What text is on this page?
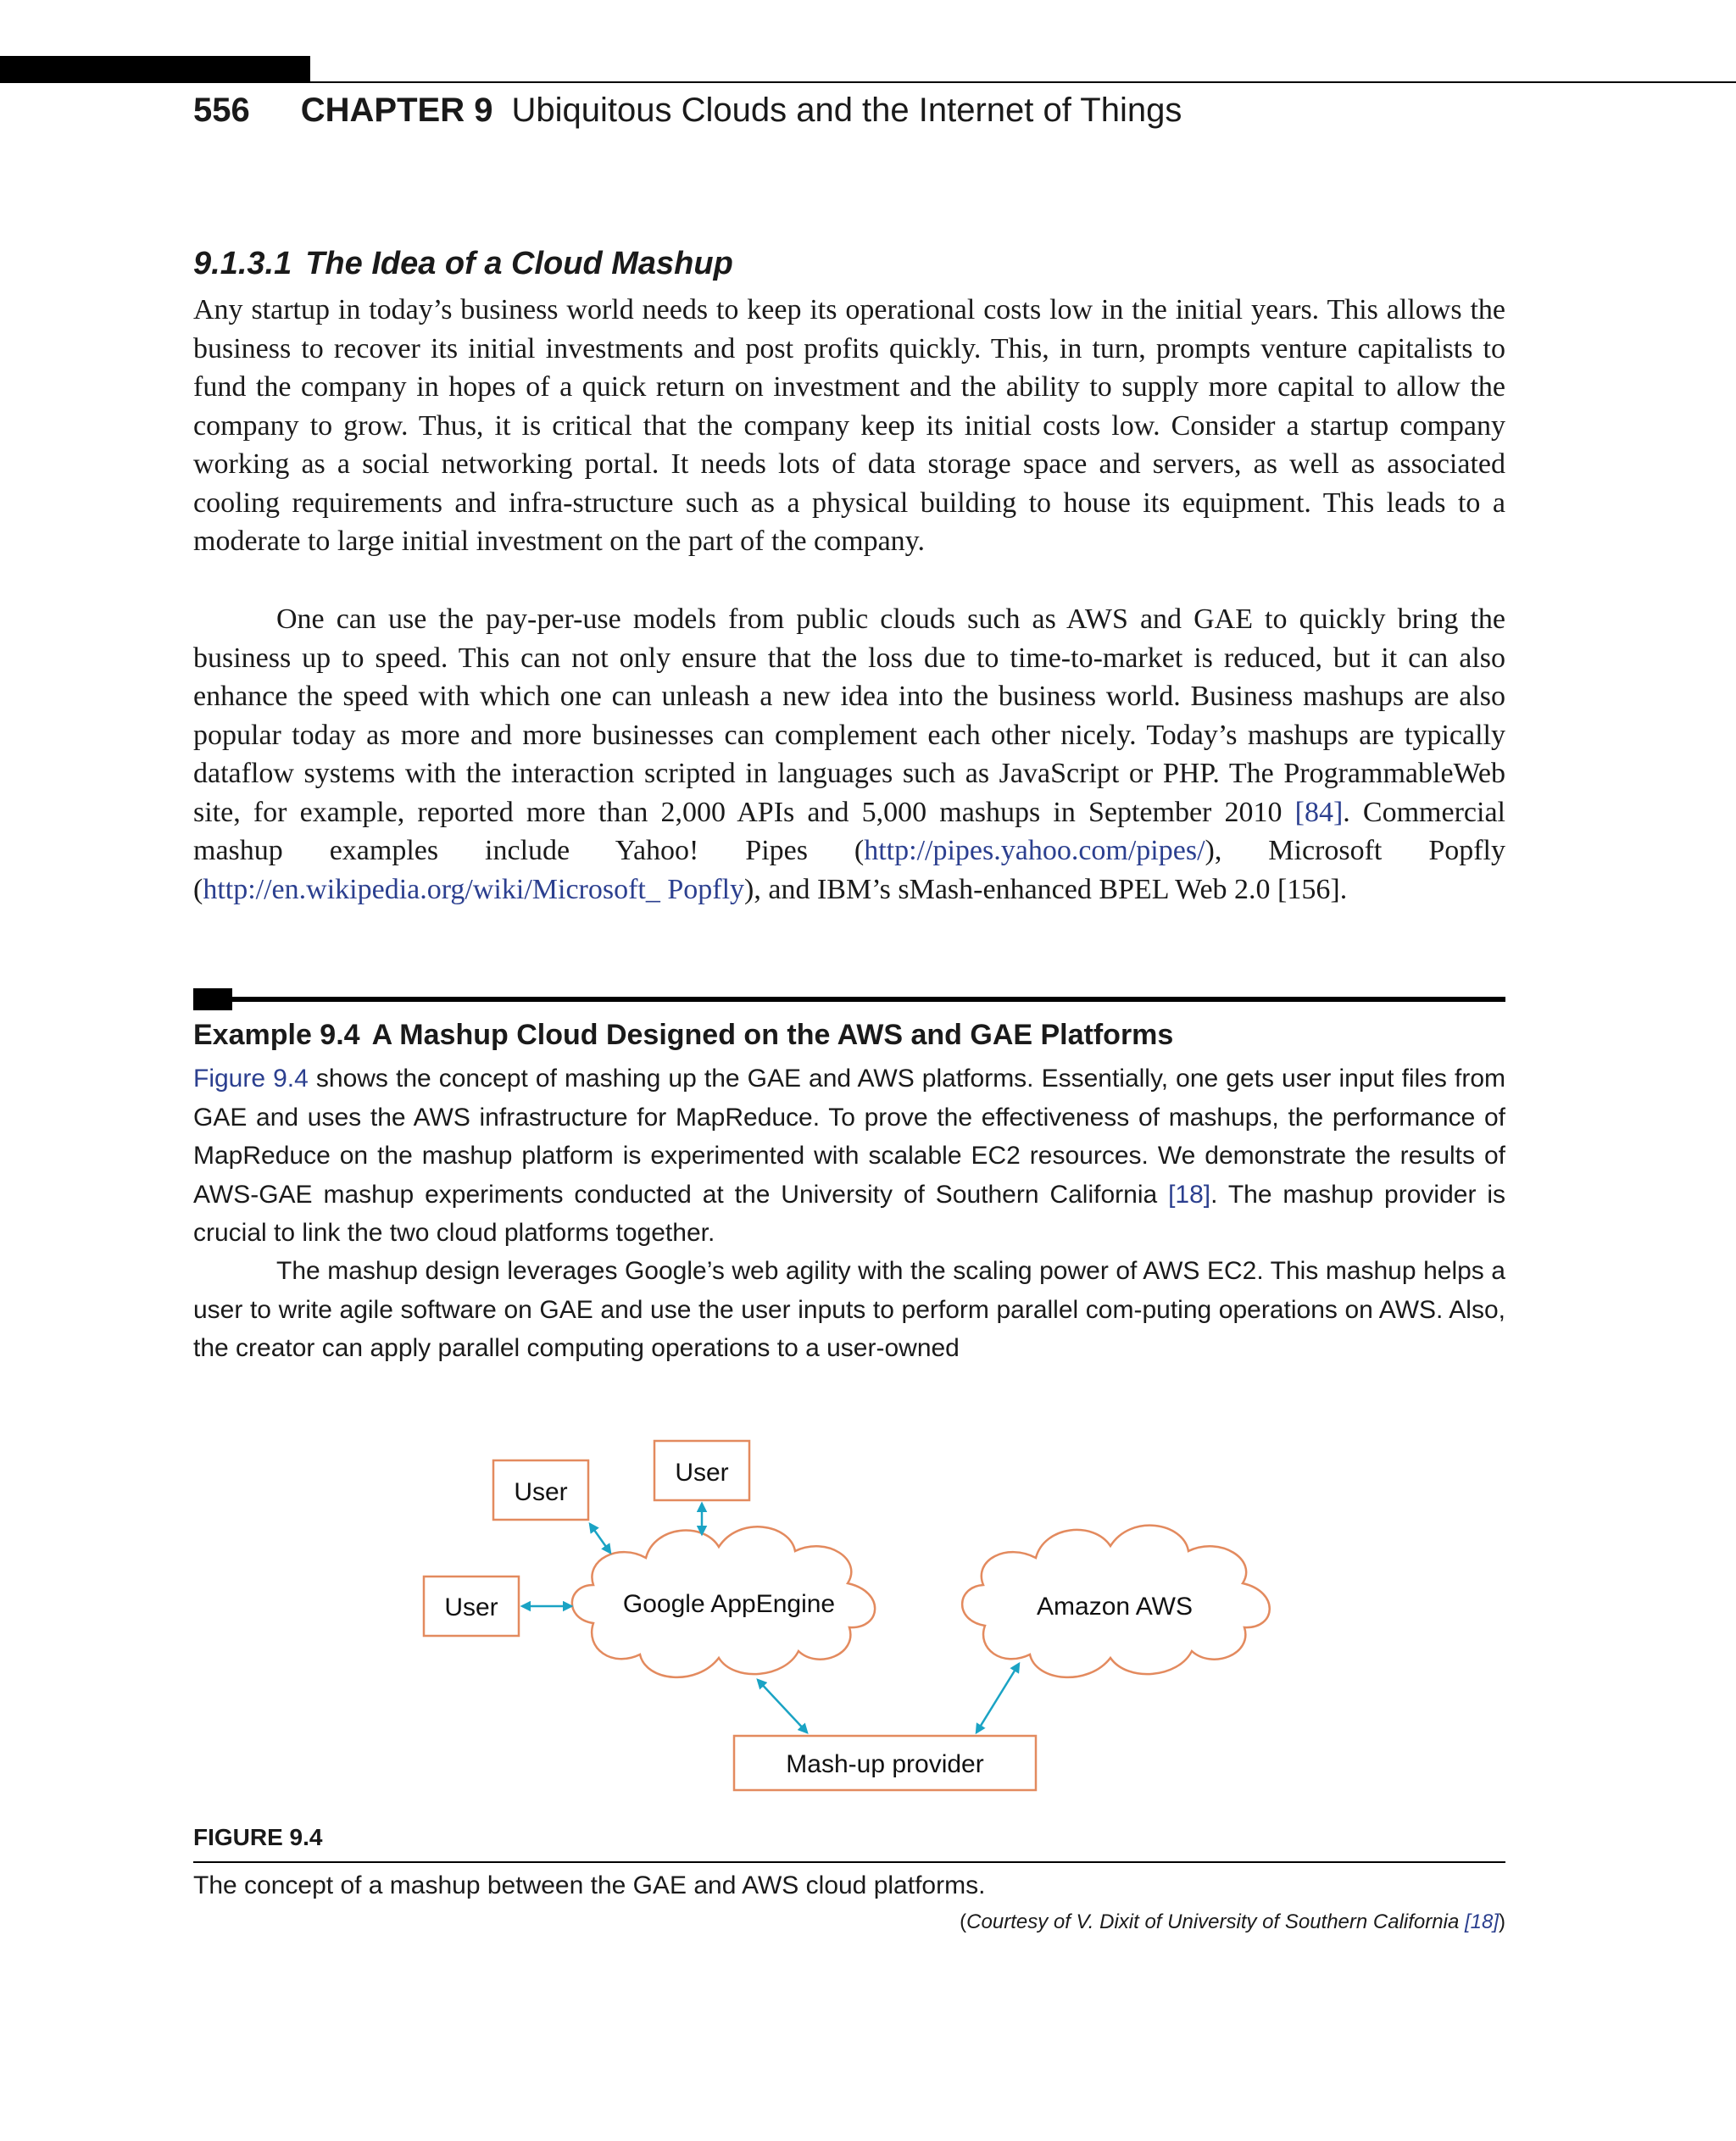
556 CHAPTER 9 Ubiquitous Clouds and the Internet of Things
9.1.3.1 The Idea of a Cloud Mashup

Any startup in today’s business world needs to keep its operational costs low in the initial years. This allows the business to recover its initial investments and post profits quickly. This, in turn, prompts venture capitalists to fund the company in hopes of a quick return on investment and the ability to supply more capital to allow the company to grow. Thus, it is critical that the company keep its initial costs low. Consider a startup company working as a social networking portal. It needs lots of data storage space and servers, as well as associated cooling requirements and infra-structure such as a physical building to house its equipment. This leads to a moderate to large initial investment on the part of the company.

One can use the pay-per-use models from public clouds such as AWS and GAE to quickly bring the business up to speed. This can not only ensure that the loss due to time-to-market is reduced, but it can also enhance the speed with which one can unleash a new idea into the business world. Business mashups are also popular today as more and more businesses can complement each other nicely. Today’s mashups are typically dataflow systems with the interaction scripted in languages such as JavaScript or PHP. The ProgrammableWeb site, for example, reported more than 2,000 APIs and 5,000 mashups in September 2010 [84]. Commercial mashup examples include Yahoo! Pipes (http://pipes.yahoo.com/pipes/), Microsoft Popfly (http://en.wikipedia.org/wiki/Microsoft_ Popfly), and IBM’s sMash-enhanced BPEL Web 2.0 [156].

Example 9.4 A Mashup Cloud Designed on the AWS and GAE Platforms

Figure 9.4 shows the concept of mashing up the GAE and AWS platforms. Essentially, one gets user input files from GAE and uses the AWS infrastructure for MapReduce. To prove the effectiveness of mashups, the performance of MapReduce on the mashup platform is experimented with scalable EC2 resources. We demonstrate the results of AWS-GAE mashup experiments conducted at the University of Southern California [18]. The mashup provider is crucial to link the two cloud platforms together.

The mashup design leverages Google’s web agility with the scaling power of AWS EC2. This mashup helps a user to write agile software on GAE and use the user inputs to perform parallel com-puting operations on AWS. Also, the creator can apply parallel computing operations to a user-owned

User
User
User	Google AppEngine	Amazon AWS
Mash-up provider
FIGURE 9.4
The concept of a mashup between the GAE and AWS cloud platforms.
(Courtesy of V. Dixit of University of Southern California [18])
